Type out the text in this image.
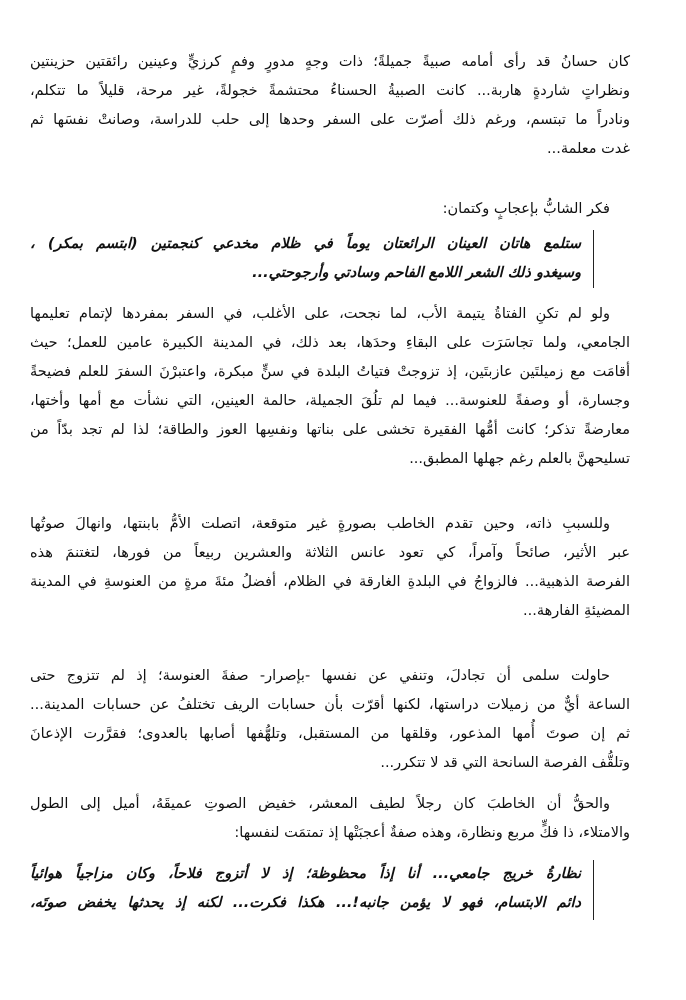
كان حسانُ قد رأى أمامه صبيةً جميلةً؛ ذات وجهٍ مدورٍ وفمٍ كرزيٍّ وعينين رائقتين حزينتين
ونظراتٍ شاردةٍ هاربة... كانت الصبيةُ الحسناءُ محتشمةً خجولةً، غير مرحة، قليلاً ما تتكلم،
ونادراً ما تبتسم، ورغم ذلك أصرّت على السفر وحدها إلى حلب للدراسة، وصانتْ نفسَها ثم
غدت معلمة...

فكر الشابُّ بإعجابٍ وكتمان:

ستلمع هاتان العينان الرائعتان يوماً في ظلام مخدعي كنجمتين (ابتسم بمكر) ،
وسيغدو ذلك الشعر اللامع الفاحم وسادتي وأرجوحتي...

ولو لم تكنِ الفتاةُ يتيمة الأب، لما نجحت، على الأغلب، في السفر بمفردها لإتمام تعليمها
الجامعي، ولما تجاسَرَت على البقاءِ وحدَها، بعد ذلك، في المدينة الكبيرة عامين للعمل؛ حيث
أقامَت مع زميلتَين عازبتَين، إذ تزوجتْ فتياتُ البلدة في سنٍّ مبكرة، واعتبرْنَ السفرَ للعلم فضيحةً
وجسارة، أو وصفةً للعنوسة... فيما لم تلُقَ الجميلة، حالمة العينين، التي نشأت مع أمها وأختها،
معارضةً تذكر؛ كانت أمُّها الفقيرة تخشى على بناتها ونفسِها العوز والطاقة؛ لذا لم تجد بدّاً من
تسليحهنَّ بالعلم رغم جهلها المطبق...

وللسببِ ذاته، وحين تقدم الخاطب بصورةٍ غير متوقعة، اتصلت الأمُّ بابنتها، وانهالَ صوتُها
عبر الأثير، صائحاً وآمراً، كي تعود عانس الثلاثة والعشرين ربيعاً من فورها، لتغتنمَ هذه
الفرصة الذهبية... فالزواجُ في البلدةِ الغارقة في الظلام، أفضلُ مئةَ مرةٍ من العنوسةِ في المدينة
المضيئةِ الفارهة...

حاولت سلمى أن تجادلَ، وتنفي عن نفسها -بإصرار- صفةَ العنوسة؛ إذ لم تتزوج حتى
الساعة أيٌّ من زميلات دراستها، لكنها أقرّت بأن حسابات الريف تختلفُ عن حسابات المدينة...
ثم إن صوتَ أُمها المذعور، وقلقها من المستقبل، وتلهُّفها أصابها بالعدوى؛ فقرَّرت الإذعانَ
وتلقُّف الفرصة السانحة التي قد لا تتكرر...

والحقُّ أن الخاطبَ كان رجلاً لطيف المعشر، خفيض الصوتِ عميقَهُ، أميل إلى الطول
والامتلاء، ذا فكٍّ مربع ونظارة، وهذه صفةٌ أعجبَتْها إذ تمتمَت لنفسها:

نظارةُ خريج جامعي... أنا إذاً محظوظة؛ إذ لا أتزوج فلاحاً، وكان مزاجياً هوائياً
دائم الابتسام، فهو لا يؤمن جانبه!... هكذا فكرت... لكنه إذ يحدثها يخفض صوتَه،
